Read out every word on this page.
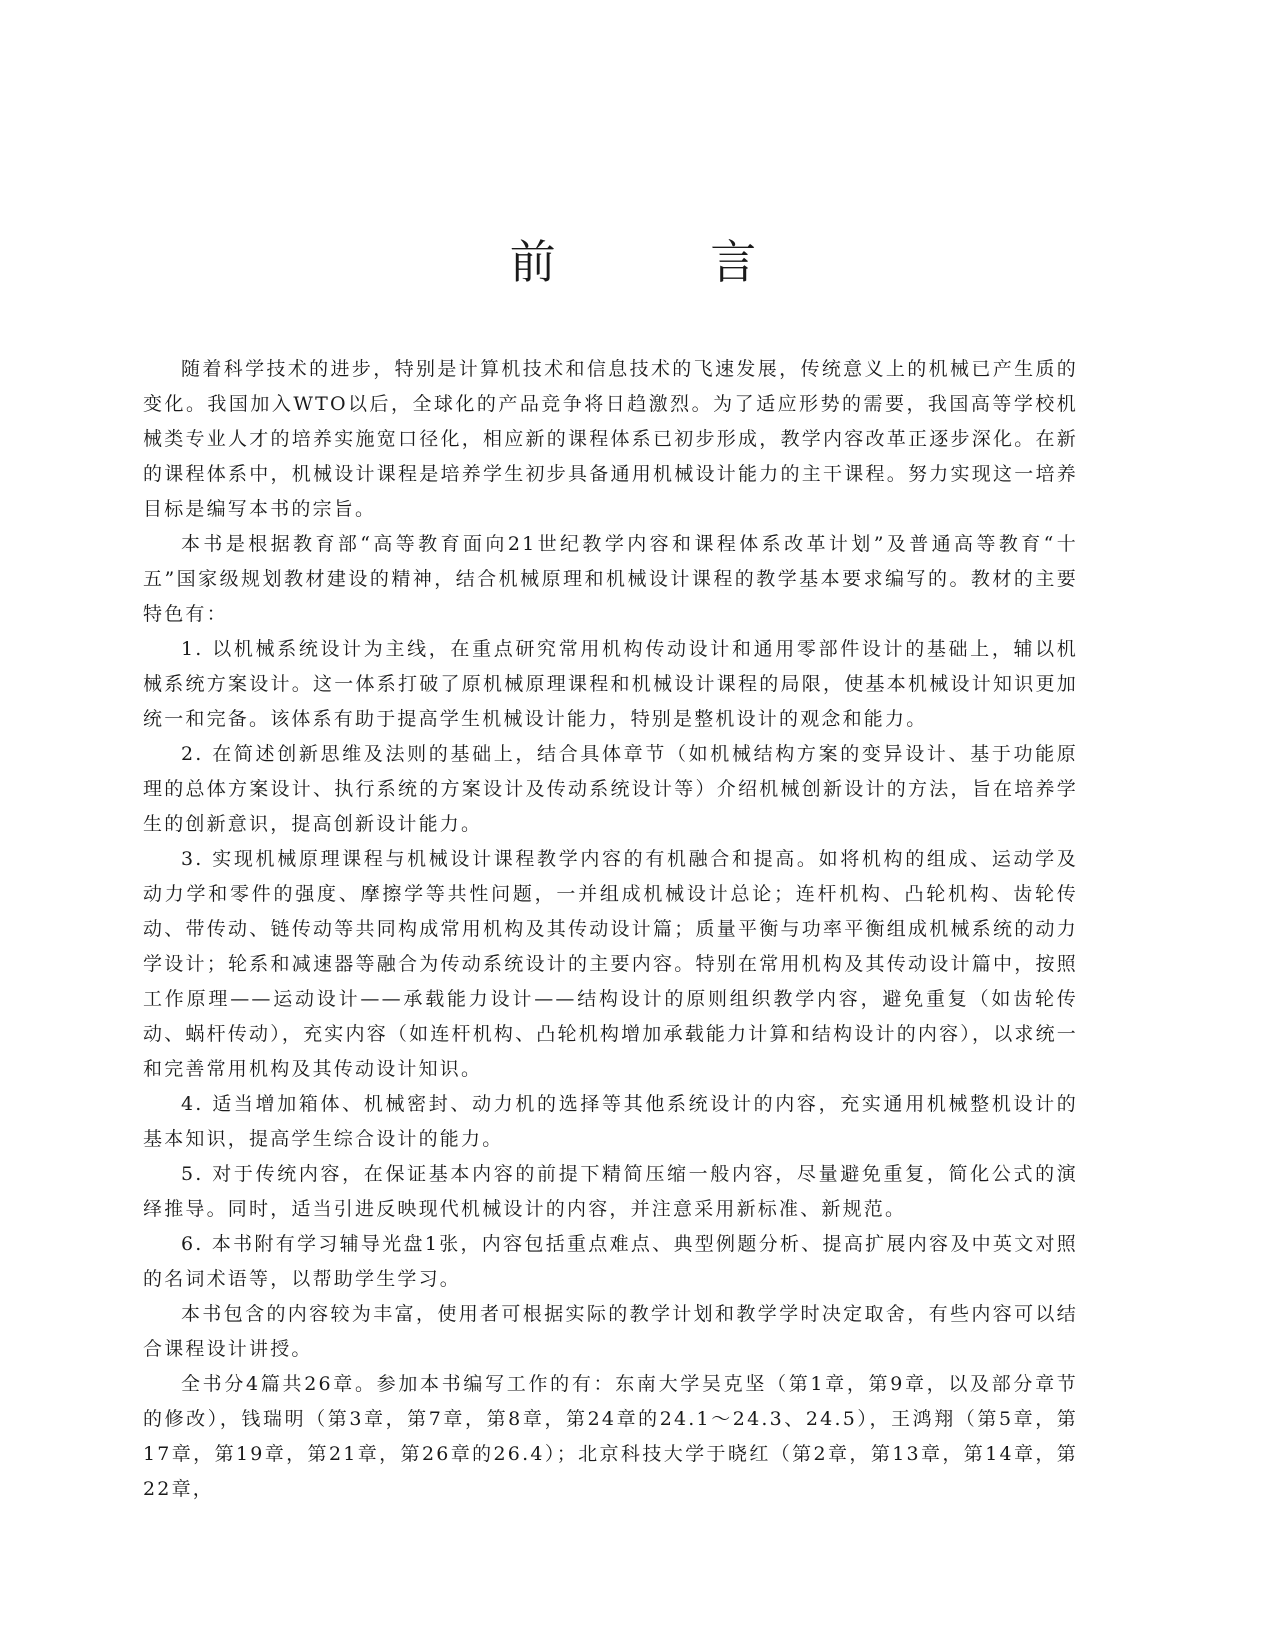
前 言

随着科学技术的进步，特别是计算机技术和信息技术的飞速发展，传统意义上的机械已产生质的变化。我国加入WTO以后，全球化的产品竞争将日趋激烈。为了适应形势的需要，我国高等学校机械类专业人才的培养实施宽口径化，相应新的课程体系已初步形成，教学内容改革正逐步深化。在新的课程体系中，机械设计课程是培养学生初步具备通用机械设计能力的主干课程。努力实现这一培养目标是编写本书的宗旨。

本书是根据教育部“高等教育面向21世纪教学内容和课程体系改革计划”及普通高等教育“十五”国家级规划教材建设的精神，结合机械原理和机械设计课程的教学基本要求编写的。教材的主要特色有：

1. 以机械系统设计为主线，在重点研究常用机构传动设计和通用零部件设计的基础上，辅以机械系统方案设计。这一体系打破了原机械原理课程和机械设计课程的局限，使基本机械设计知识更加统一和完备。该体系有助于提高学生机械设计能力，特别是整机设计的观念和能力。

2. 在简述创新思维及法则的基础上，结合具体章节（如机械结构方案的变异设计、基于功能原理的总体方案设计、执行系统的方案设计及传动系统设计等）介绍机械创新设计的方法，旨在培养学生的创新意识，提高创新设计能力。

3. 实现机械原理课程与机械设计课程教学内容的有机融合和提高。如将机构的组成、运动学及动力学和零件的强度、摩擦学等共性问题，一并组成机械设计总论；连杆机构、凸轮机构、齿轮传动、带传动、链传动等共同构成常用机构及其传动设计篇；质量平衡与功率平衡组成机械系统的动力学设计；轮系和减速器等融合为传动系统设计的主要内容。特别在常用机构及其传动设计篇中，按照工作原理——运动设计——承载能力设计——结构设计的原则组织教学内容，避免重复（如齿轮传动、蜗杆传动），充实内容（如连杆机构、凸轮机构增加承载能力计算和结构设计的内容），以求统一和完善常用机构及其传动设计知识。

4. 适当增加箱体、机械密封、动力机的选择等其他系统设计的内容，充实通用机械整机设计的基本知识，提高学生综合设计的能力。

5. 对于传统内容，在保证基本内容的前提下精简压缩一般内容，尽量避免重复，简化公式的演绎推导。同时，适当引进反映现代机械设计的内容，并注意采用新标准、新规范。

6. 本书附有学习辅导光盘1张，内容包括重点难点、典型例题分析、提高扩展内容及中英文对照的名词术语等，以帮助学生学习。

本书包含的内容较为丰富，使用者可根据实际的教学计划和教学学时决定取舍，有些内容可以结合课程设计讲授。

全书分4篇共26章。参加本书编写工作的有：东南大学吴克坚（第1章，第9章，以及部分章节的修改），钱瑞明（第3章，第7章，第8章，第24章的24.1～24.3、24.5），王鸿翔（第5章，第17章，第19章，第21章，第26章的26.4）；北京科技大学于晓红（第2章，第13章，第14章，第22章，
